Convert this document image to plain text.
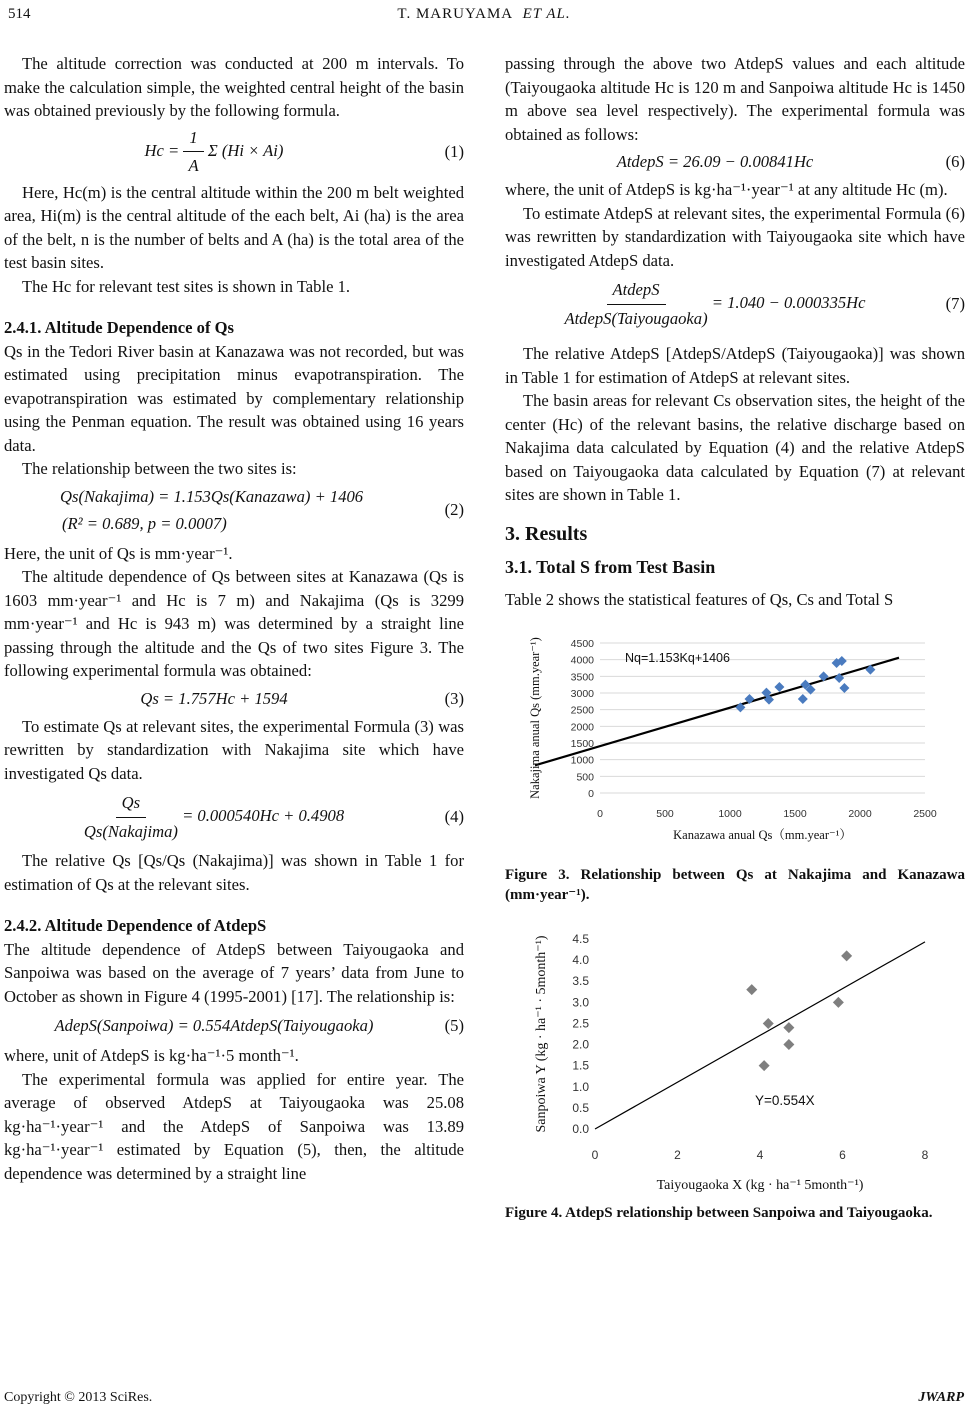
514	T. MARUYAMA ET AL.

The altitude correction was conducted at 200 m intervals. To make the calculation simple, the weighted central height of the basin was obtained previously by the following formula.

$Hc = \frac{1}{A}$ Σ (Hi × Ai)	(1)

Here, Hc(m) is the central altitude within the 200 m belt weighted area, Hi(m) is the central altitude of the each belt, Ai (ha) is the area of the belt, n is the number of belts and A (ha) is the total area of the test basin sites.

The Hc for relevant test sites is shown in Table 1.

2.4.1. Altitude Dependence of Qs

Qs in the Tedori River basin at Kanazawa was not recorded, but was estimated using precipitation minus evapotranspiration. The evapotranspiration was estimated by complementary relationship using the Penman equation. The result was obtained using 16 years data.

The relationship between the two sites is:

Qs(Nakajima) = 1.153Qs(Kanazawa) + 1406
(R² = 0.689, p = 0.0007)
(2)

Here, the unit of Qs is mm·year⁻¹.

The altitude dependence of Qs between sites at Kanazawa (Qs is 1603 mm·year⁻¹ and Hc is 7 m) and Nakajima (Qs is 3299 mm·year⁻¹ and Hc is 943 m) was determined by a straight line passing through the altitude and the Qs of two sites Figure 3. The following experimental formula was obtained:

Qs = 1.757Hc + 1594	(3)

To estimate Qs at relevant sites, the experimental Formula (3) was rewritten by standardization with Nakajima site which have investigated Qs data.

$\frac{Qs}{\text{Qs(Nakajima)}} = 0.000540Hc + 0.4908$	(4)

The relative Qs [Qs/Qs (Nakajima)] was shown in Table 1 for estimation of Qs at the relevant sites.

2.4.2. Altitude Dependence of AtdepS

The altitude dependence of AtdepS between Taiyougaoka and Sanpoiwa was based on the average of 7 years’ data from June to October as shown in Figure 4 (1995-2001) [17]. The relationship is:

AdepS(Sanpoiwa) = 0.554AtdepS(Taiyougaoka)	(5)

where, unit of AtdepS is kg·ha⁻¹·5 month⁻¹.

The experimental formula was applied for entire year. The average of observed AtdepS at Taiyougaoka was 25.08 kg·ha⁻¹·year⁻¹ and the AtdepS of Sanpoiwa was 13.89 kg·ha⁻¹·year⁻¹ estimated by Equation (5), then, the altitude dependence was determined by a straight line

passing through the above two AtdepS values and each altitude (Taiyougaoka altitude Hc is 120 m and Sanpoiwa altitude Hc is 1450 m above sea level respectively). The experimental formula was obtained as follows:

AtdepS = 26.09 − 0.00841Hc	(6)

where, the unit of AtdepS is kg·ha⁻¹·year⁻¹ at any altitude Hc (m).

To estimate AtdepS at relevant sites, the experimental Formula (6) was rewritten by standardization with Taiyougaoka site which have investigated AtdepS data.

$\frac{\text{AtdepS}}{\text{AtdepS(Taiyougaoka)}} = 1.040 - 0.000335Hc$	(7)

The relative AtdepS [AtdepS/AtdepS (Taiyougaoka)] was shown in Table 1 for estimation of AtdepS at relevant sites.

The basin areas for relevant Cs observation sites, the height of the center (Hc) of the relevant basins, the relative discharge based on Nakajima data calculated by Equation (4) and the relative AtdepS based on Taiyougaoka data calculated by Equation (7) at relevant sites are shown in Table 1.

3. Results

3.1. Total S from Test Basin

Table 2 shows the statistical features of Qs, Cs and Total S

0
500
1000
1500
2000
2500
3000
3500
4000
4500
0	500	1000	1500	2000	2500
Nq=1.153Kq+1406
Kanazawa anual Qs（mm.year⁻¹）
Nakajima anual Qs (mm.year⁻¹)

Figure 3. Relationship between Qs at Nakajima and Kanazawa (mm·year⁻¹).

0.0
0.5
1.0
1.5
2.0
2.5
3.0
3.5
4.0
4.5
0	2	4	6	8
Y=0.554X
Taiyougaoka X (kg · ha⁻¹ 5month⁻¹)
Sanpoiwa Y (kg · ha⁻¹ · 5month⁻¹)

Figure 4. AtdepS relationship between Sanpoiwa and Taiyougaoka.

Copyright © 2013 SciRes.	JWARP
